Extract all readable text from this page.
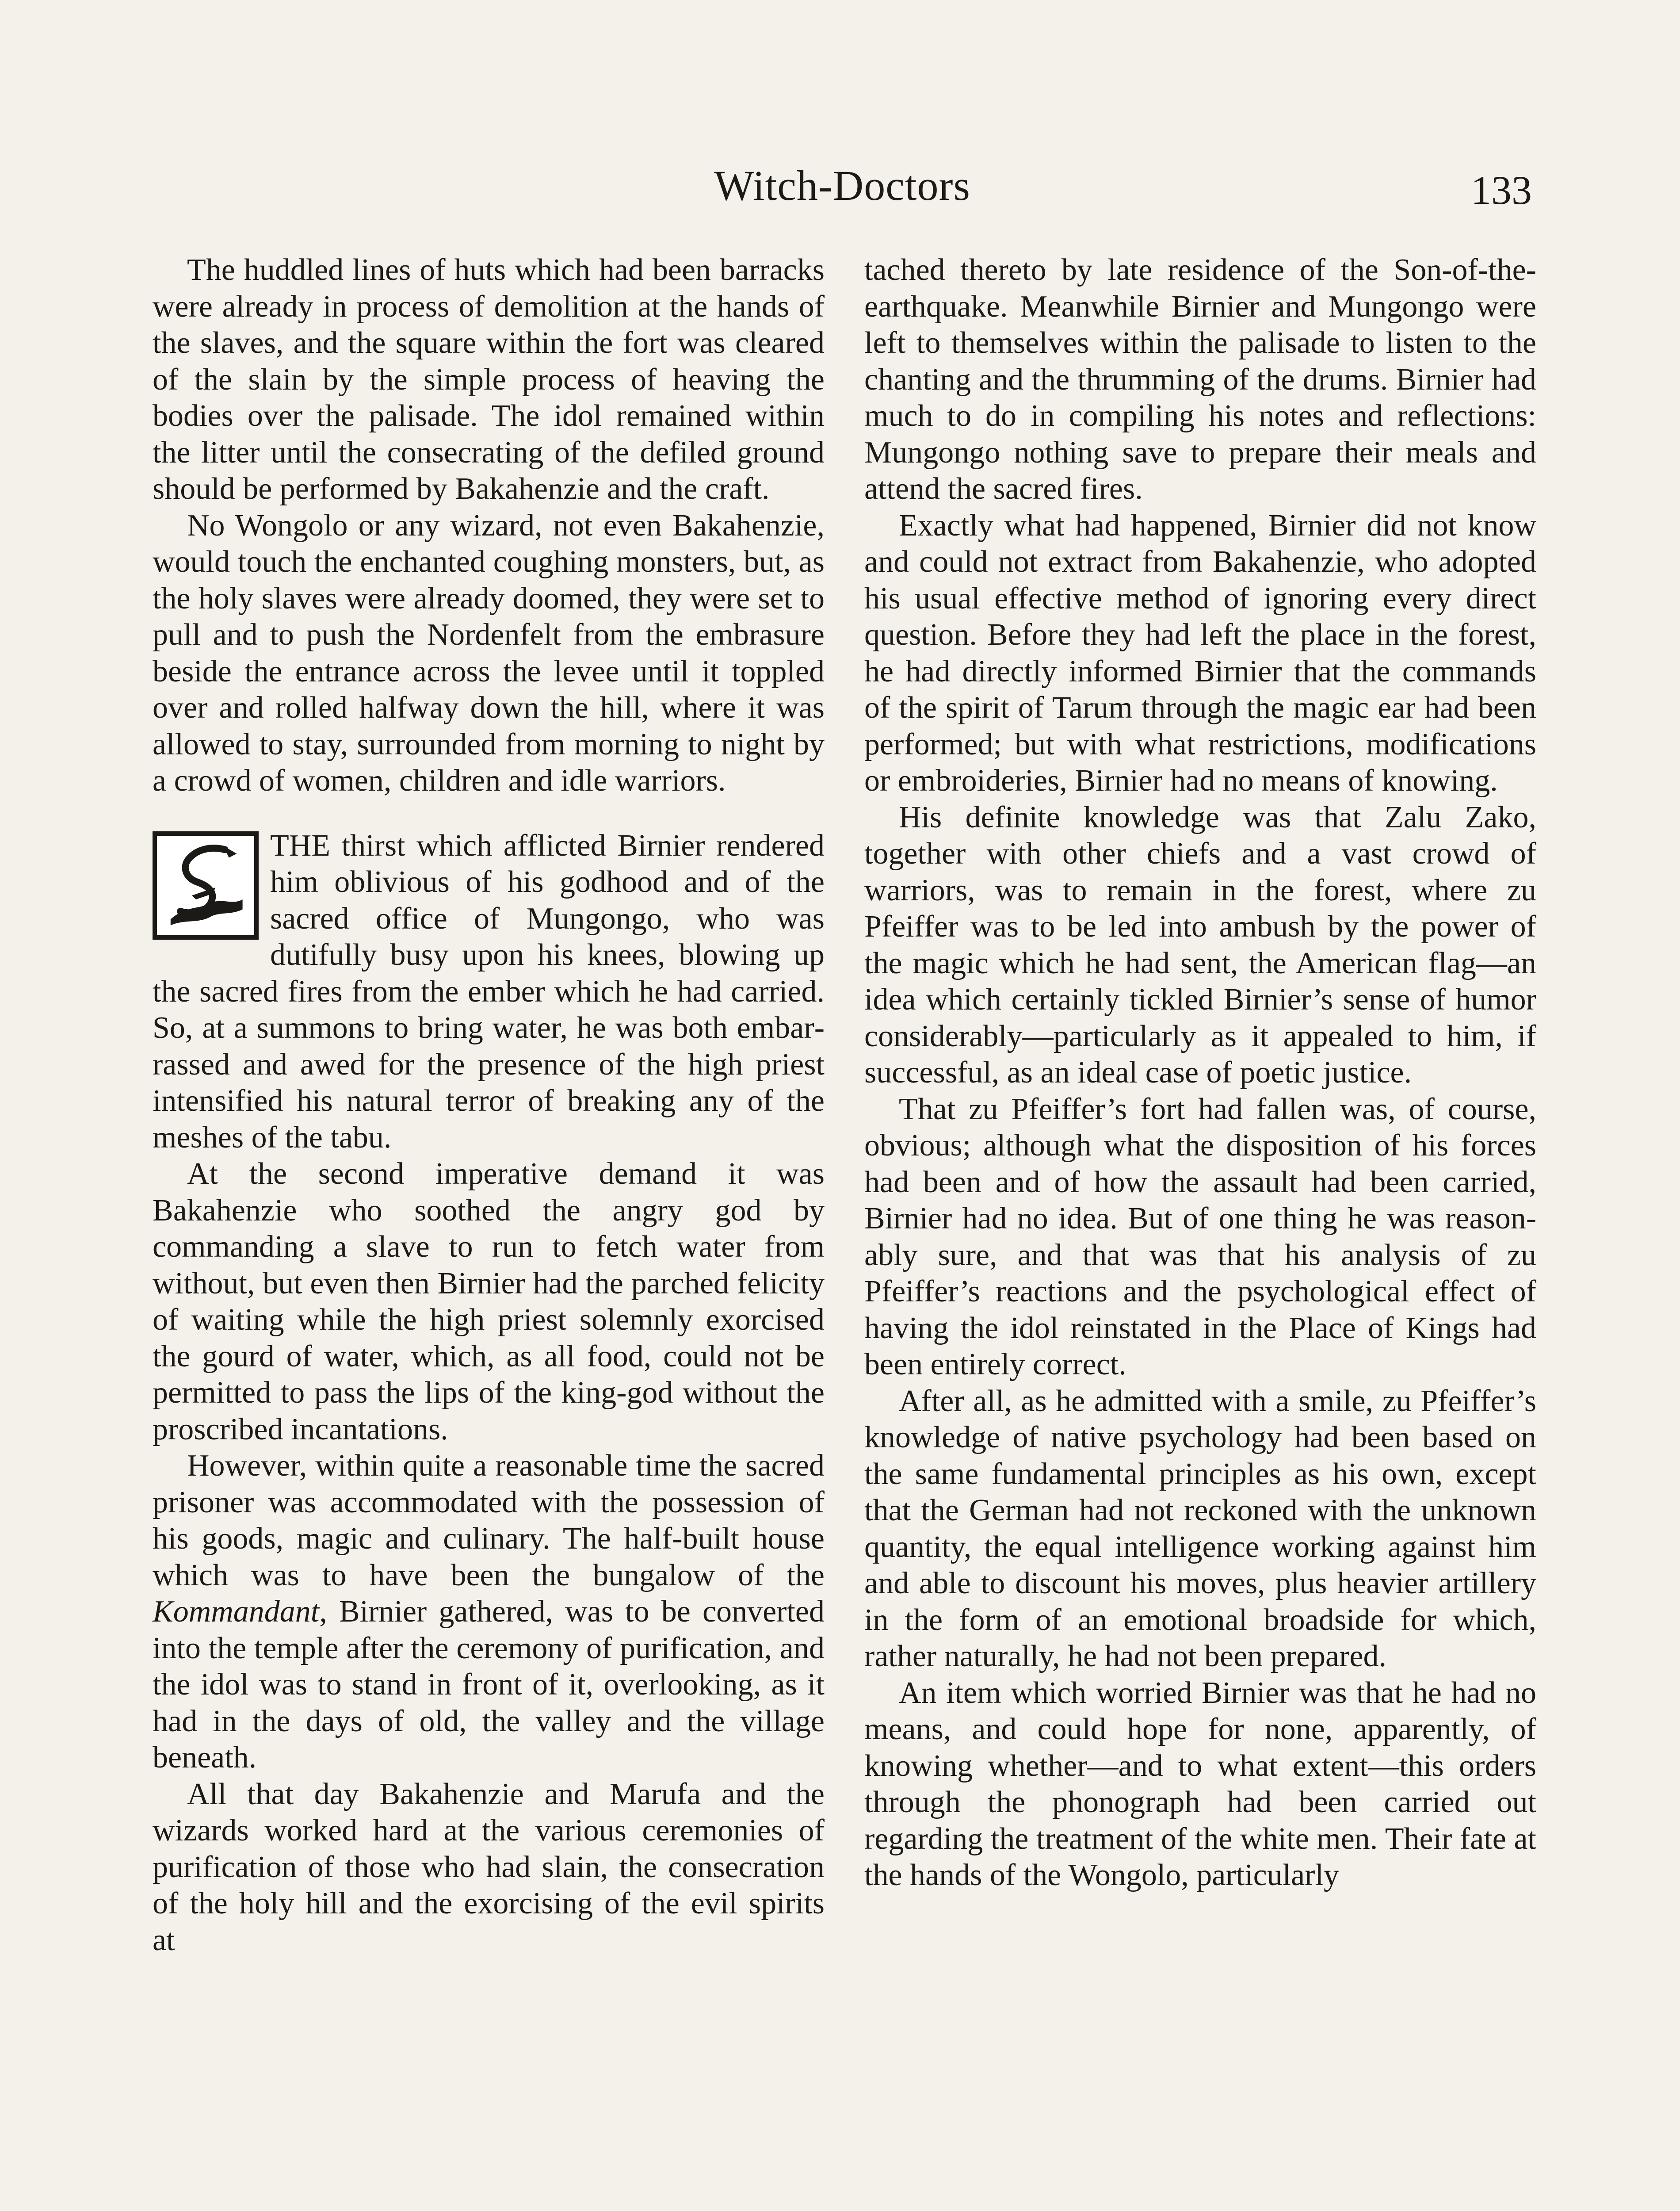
Witch-Doctors	133

The huddled lines of huts which had been barracks were already in process of demolition at the hands of the slaves, and the square within the fort was cleared of the slain by the simple process of heaving the bodies over the palisade. The idol remained within the litter until the consecrating of the defiled ground should be performed by Bakahenzie and the craft.

No Wongolo or any wizard, not even Bakahenzie, would touch the enchanted coughing monsters, but, as the holy slaves were already doomed, they were set to pull and to push the Nordenfelt from the embrasure beside the entrance across the levee until it toppled over and rolled halfway down the hill, where it was allowed to stay, surrounded from morning to night by a crowd of women, children and idle warriors.

THE thirst which afflicted Birnier rendered him oblivious of his godhood and of the sacred office of Mungongo, who was dutifully busy upon his knees, blowing up the sacred fires from the ember which he had carried. So, at a summons to bring water, he was both embarrassed and awed for the presence of the high priest intensified his natural terror of breaking any of the meshes of the tabu.

At the second imperative demand it was Bakahenzie who soothed the angry god by commanding a slave to run to fetch water from without, but even then Birnier had the parched felicity of waiting while the high priest solemnly exorcised the gourd of water, which, as all food, could not be permitted to pass the lips of the king-god without the proscribed incantations.

However, within quite a reasonable time the sacred prisoner was accommodated with the possession of his goods, magic and culinary. The half-built house which was to have been the bungalow of the Kommandant, Birnier gathered, was to be converted into the temple after the ceremony of purification, and the idol was to stand in front of it, overlooking, as it had in the days of old, the valley and the village beneath.

All that day Bakahenzie and Marufa and the wizards worked hard at the various ceremonies of purification of those who had slain, the consecration of the holy hill and the exorcising of the evil spirits at

tached thereto by late residence of the Son-of-the-earthquake. Meanwhile Birnier and Mungongo were left to themselves within the palisade to listen to the chanting and the thrumming of the drums. Birnier had much to do in compiling his notes and reflections: Mungongo nothing save to prepare their meals and attend the sacred fires.

Exactly what had happened, Birnier did not know and could not extract from Bakahenzie, who adopted his usual effective method of ignoring every direct question. Before they had left the place in the forest, he had directly informed Birnier that the commands of the spirit of Tarum through the magic ear had been performed; but with what restrictions, modifications or embroideries, Birnier had no means of knowing.

His definite knowledge was that Zalu Zako, together with other chiefs and a vast crowd of warriors, was to remain in the forest, where zu Pfeiffer was to be led into ambush by the power of the magic which he had sent, the American flag—an idea which certainly tickled Birnier’s sense of humor considerably—particularly as it appealed to him, if successful, as an ideal case of poetic justice.

That zu Pfeiffer’s fort had fallen was, of course, obvious; although what the disposition of his forces had been and of how the assault had been carried, Birnier had no idea. But of one thing he was reasonably sure, and that was that his analysis of zu Pfeiffer’s reactions and the psychological effect of having the idol reinstated in the Place of Kings had been entirely correct.

After all, as he admitted with a smile, zu Pfeiffer’s knowledge of native psychology had been based on the same fundamental principles as his own, except that the German had not reckoned with the unknown quantity, the equal intelligence working against him and able to discount his moves, plus heavier artillery in the form of an emotional broadside for which, rather naturally, he had not been prepared.

An item which worried Birnier was that he had no means, and could hope for none, apparently, of knowing whether—and to what extent—this orders through the phonograph had been carried out regarding the treatment of the white men. Their fate at the hands of the Wongolo, particularly
